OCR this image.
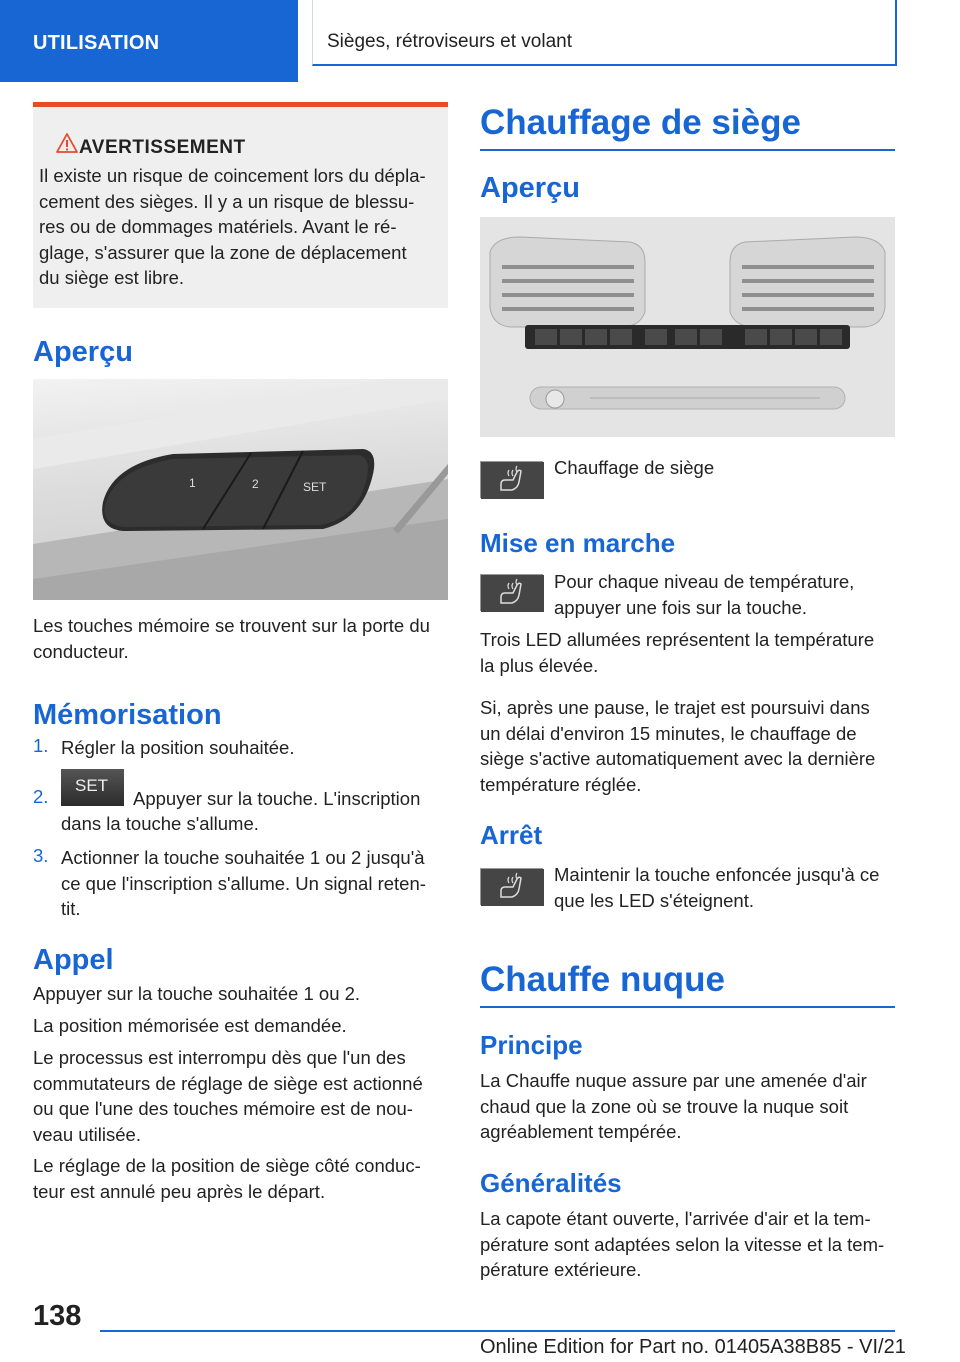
UTILISATION	Sièges, rétroviseurs et volant
AVERTISSEMENT
Il existe un risque de coincement lors du dépla-
cement des sièges. Il y a un risque de blessu-
res ou de dommages matériels. Avant le ré-
glage, s'assurer que la zone de déplacement
du siège est libre.
Aperçu
1	2	SET
Les touches mémoire se trouvent sur la porte du
conducteur.
Mémorisation
1. Régler la position souhaitée.
2.
SET
Appuyer sur la touche. L'inscription
dans la touche s'allume.
3. Actionner la touche souhaitée 1 ou 2 jusqu'à
ce que l'inscription s'allume. Un signal reten-
tit.
Appel
Appuyer sur la touche souhaitée 1 ou 2.
La position mémorisée est demandée.
Le processus est interrompu dès que l'un des
commutateurs de réglage de siège est actionné
ou que l'une des touches mémoire est de nou-
veau utilisée.
Le réglage de la position de siège côté conduc-
teur est annulé peu après le départ.
Chauffage de siège
Aperçu
Chauffage de siège
Mise en marche
Pour chaque niveau de température,
appuyer une fois sur la touche.
Trois LED allumées représentent la température
la plus élevée.
Si, après une pause, le trajet est poursuivi dans
un délai d'environ 15 minutes, le chauffage de
siège s'active automatiquement avec la dernière
température réglée.
Arrêt
Maintenir la touche enfoncée jusqu'à ce
que les LED s'éteignent.
Chauffe nuque
Principe
La Chauffe nuque assure par une amenée d'air
chaud que la zone où se trouve la nuque soit
agréablement tempérée.
Généralités
La capote étant ouverte, l'arrivée d'air et la tem-
pérature sont adaptées selon la vitesse et la tem-
pérature extérieure.
138
Online Edition for Part no. 01405A38B85 - VI/21
